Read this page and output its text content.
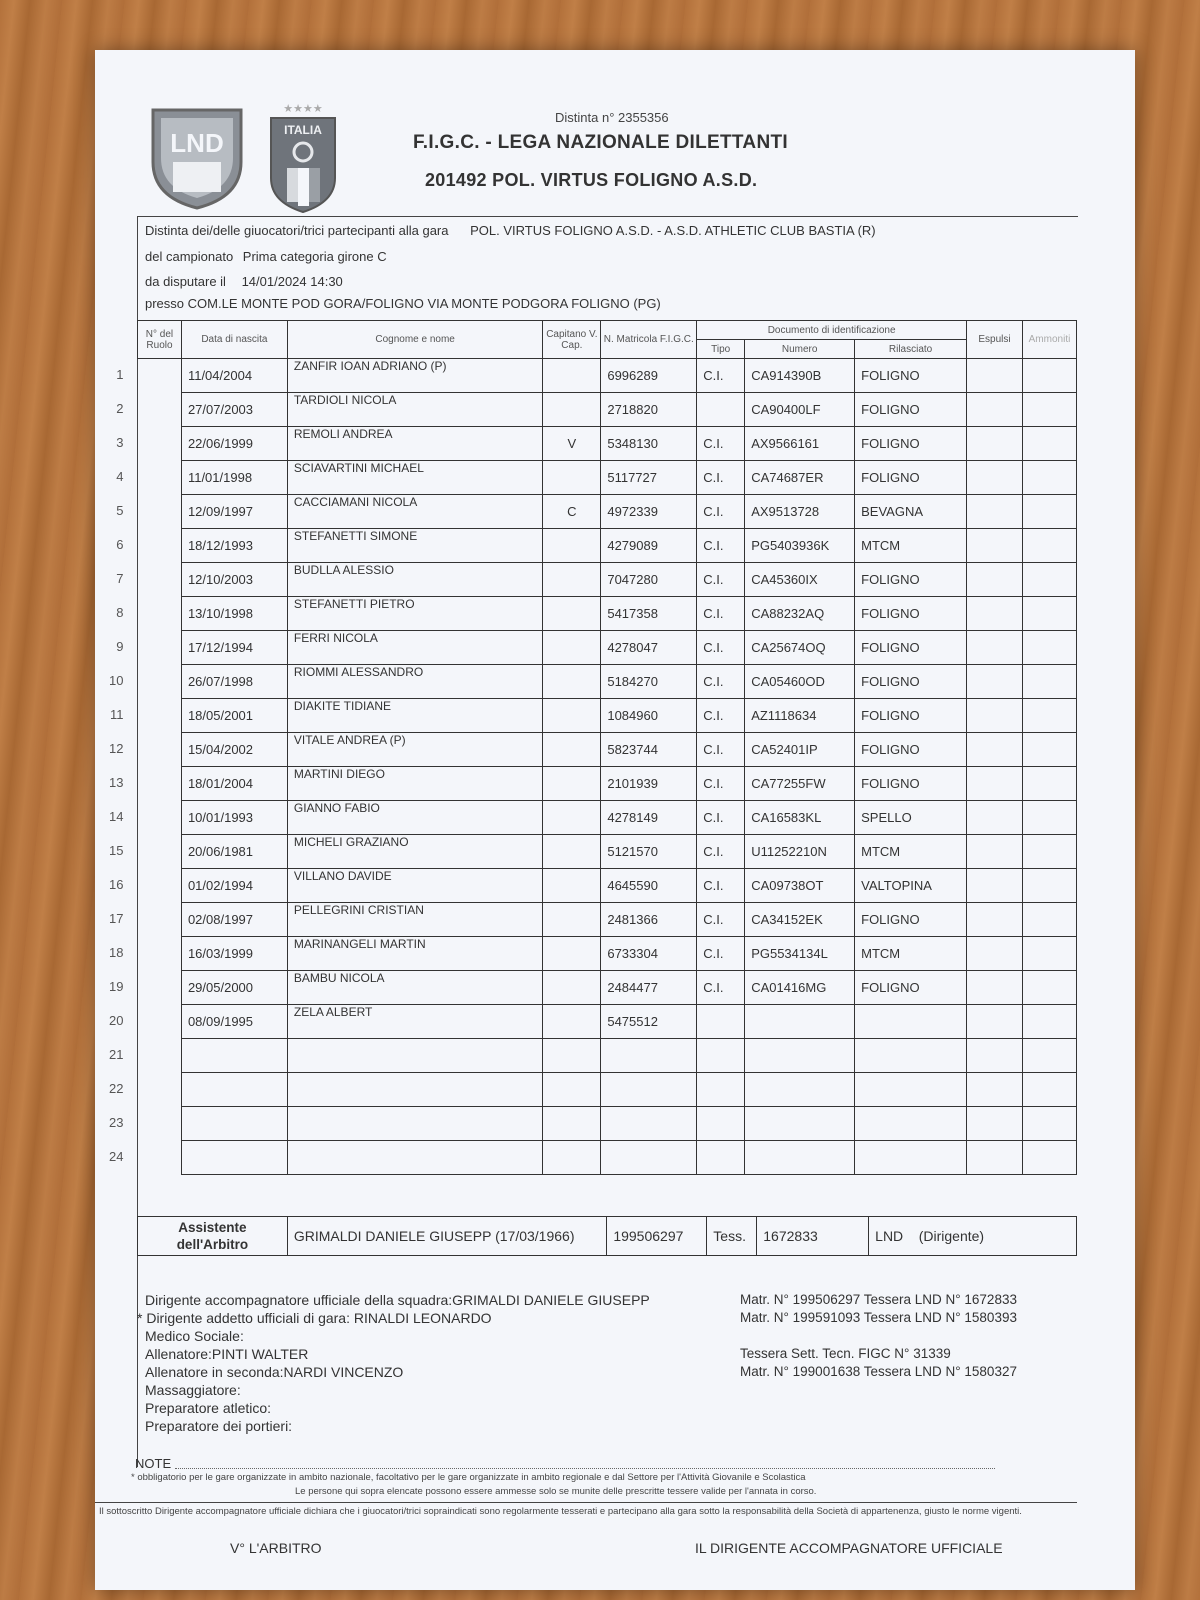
LND
★★★★
ITALIA
Distinta n° 2355356
F.I.G.C. - LEGA NAZIONALE DILETTANTI
201492 POL. VIRTUS FOLIGNO A.S.D.
Distinta dei/delle giuocatori/trici partecipanti alla gara POL. VIRTUS FOLIGNO A.S.D. - A.S.D. ATHLETIC CLUB BASTIA (R)
del campionato Prima categoria girone C
da disputare il 14/01/2024 14:30
presso COM.LE MONTE POD GORA/FOLIGNO VIA MONTE PODGORA FOLIGNO (PG)
N° del Ruolo	Data di nascita	Cognome e nome	Capitano V. Cap.	N. Matricola F.I.G.C.	Documento di identificazione			Espulsi	Ammoniti
					Tipo	Numero	Rilasciato		

1	11/04/2004	ZANFIR IOAN ADRIANO (P)		6996289	C.I.	CA914390B	FOLIGNO		

2	27/07/2003	TARDIOLI NICOLA		2718820		CA90400LF	FOLIGNO		

3	22/06/1999	REMOLI ANDREA	V	5348130	C.I.	AX9566161	FOLIGNO		

4	11/01/1998	SCIAVARTINI MICHAEL		5117727	C.I.	CA74687ER	FOLIGNO		

5	12/09/1997	CACCIAMANI NICOLA	C	4972339	C.I.	AX9513728	BEVAGNA		

6	18/12/1993	STEFANETTI SIMONE		4279089	C.I.	PG5403936K	MTCM		

7	12/10/2003	BUDLLA ALESSIO		7047280	C.I.	CA45360IX	FOLIGNO		

8	13/10/1998	STEFANETTI PIETRO		5417358	C.I.	CA88232AQ	FOLIGNO		

9	17/12/1994	FERRI NICOLA		4278047	C.I.	CA25674OQ	FOLIGNO		

10	26/07/1998	RIOMMI ALESSANDRO		5184270	C.I.	CA05460OD	FOLIGNO		

11	18/05/2001	DIAKITE TIDIANE		1084960	C.I.	AZ1118634	FOLIGNO		

12	15/04/2002	VITALE ANDREA (P)		5823744	C.I.	CA52401IP	FOLIGNO		

13	18/01/2004	MARTINI DIEGO		2101939	C.I.	CA77255FW	FOLIGNO		

14	10/01/1993	GIANNO FABIO		4278149	C.I.	CA16583KL	SPELLO		

15	20/06/1981	MICHELI GRAZIANO		5121570	C.I.	U11252210N	MTCM		

16	01/02/1994	VILLANO DAVIDE		4645590	C.I.	CA09738OT	VALTOPINA		

17	02/08/1997	PELLEGRINI CRISTIAN		2481366	C.I.	CA34152EK	FOLIGNO		

18	16/03/1999	MARINANGELI MARTIN		6733304	C.I.	PG5534134L	MTCM		

19	29/05/2000	BAMBU NICOLA		2484477	C.I.	CA01416MG	FOLIGNO		

20	08/09/1995	ZELA ALBERT		5475512					

21									

22									

23									

24									

Assistente dell'Arbitro	GRIMALDI DANIELE GIUSEPP (17/03/1966)	199506297	Tess.	1672833	LND    (Dirigente)
Dirigente accompagnatore ufficiale della squadra:GRIMALDI DANIELE GIUSEPP	Matr. N° 199506297 Tessera LND N° 1672833
* Dirigente addetto ufficiali di gara: RINALDI LEONARDO	Matr. N° 199591093 Tessera LND N° 1580393
Medico Sociale:
Allenatore:PINTI WALTER	Tessera Sett. Tecn. FIGC N° 31339
Allenatore in seconda:NARDI VINCENZO	Matr. N° 199001638 Tessera LND N° 1580327
Massaggiatore:
Preparatore atletico:
Preparatore dei portieri:
NOTE
* obbligatorio per le gare organizzate in ambito nazionale, facoltativo per le gare organizzate in ambito regionale e dal Settore per l'Attività Giovanile e Scolastica
Le persone qui sopra elencate possono essere ammesse solo se munite delle prescritte tessere valide per l'annata in corso.
Il sottoscritto Dirigente accompagnatore ufficiale dichiara che i giuocatori/trici sopraindicati sono regolarmente tesserati e partecipano alla gara sotto la responsabilità della Società di appartenenza, giusto le norme vigenti.
V° L'ARBITRO	IL DIRIGENTE ACCOMPAGNATORE UFFICIALE
